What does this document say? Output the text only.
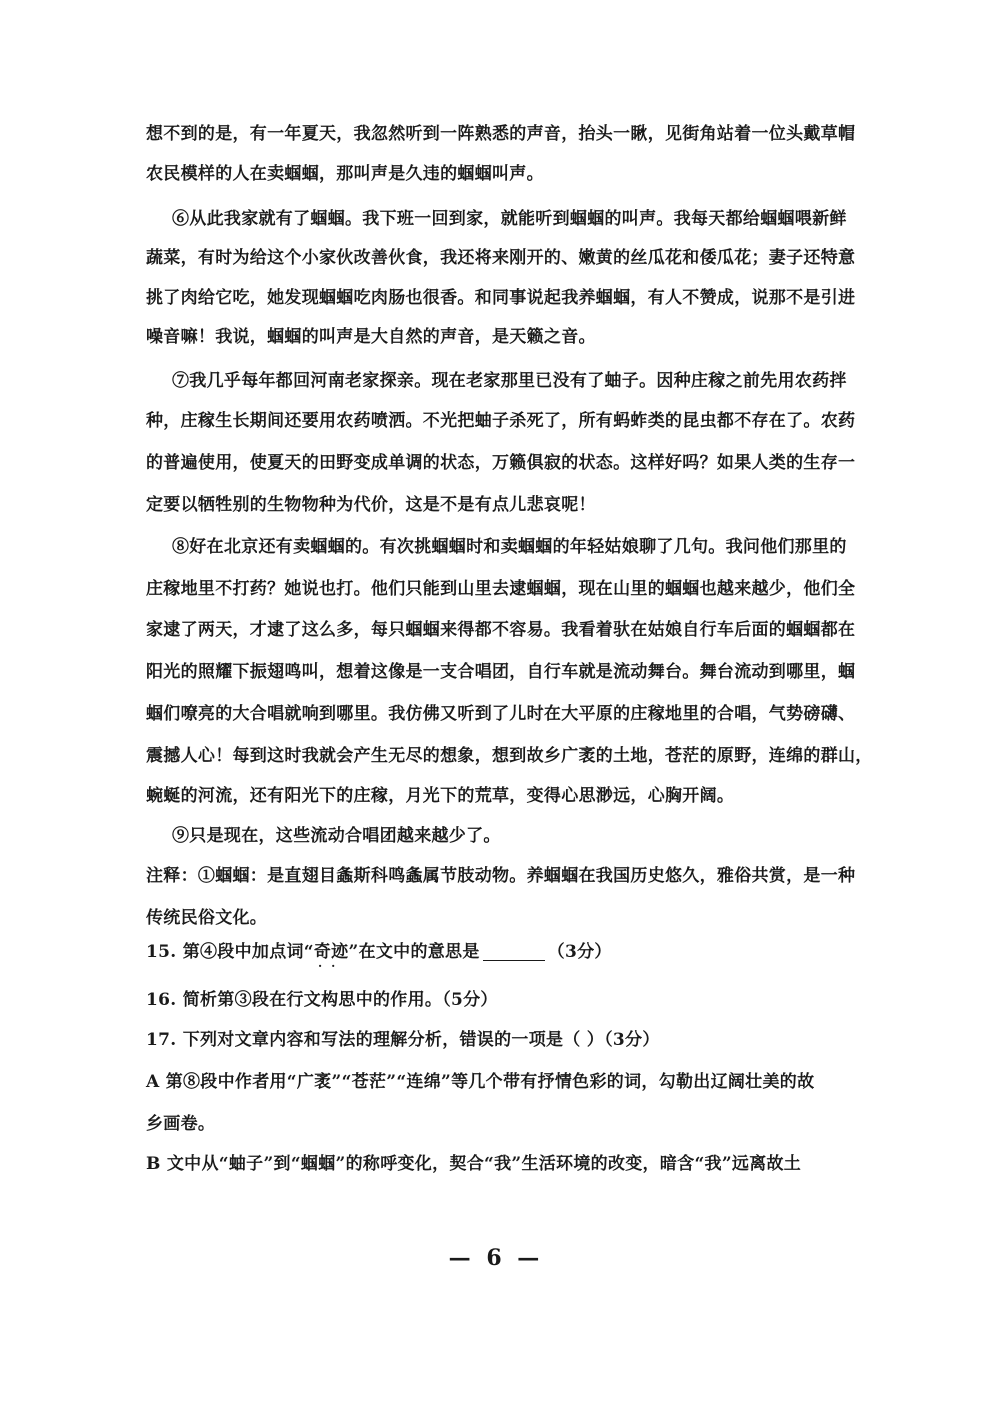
想不到的是，有一年夏天，我忽然听到一阵熟悉的声音，抬头一瞅，见街角站着一位头戴草帽
农民模样的人在卖蝈蝈，那叫声是久违的蝈蝈叫声。
⑥从此我家就有了蝈蝈。我下班一回到家，就能听到蝈蝈的叫声。我每天都给蝈蝈喂新鲜
蔬菜，有时为给这个小家伙改善伙食，我还将来刚开的、嫩黄的丝瓜花和倭瓜花；妻子还特意
挑了肉给它吃，她发现蝈蝈吃肉肠也很香。和同事说起我养蝈蝈，有人不赞成，说那不是引进
噪音嘛！我说，蝈蝈的叫声是大自然的声音，是天籁之音。
⑦我几乎每年都回河南老家探亲。现在老家那里已没有了蚰子。因种庄稼之前先用农药拌
种，庄稼生长期间还要用农药喷洒。不光把蚰子杀死了，所有蚂蚱类的昆虫都不存在了。农药
的普遍使用，使夏天的田野变成单调的状态，万籁俱寂的状态。这样好吗？如果人类的生存一
定要以牺牲别的生物物种为代价，这是不是有点儿悲哀呢！
⑧好在北京还有卖蝈蝈的。有次挑蝈蝈时和卖蝈蝈的年轻姑娘聊了几句。我问他们那里的
庄稼地里不打药？她说也打。他们只能到山里去逮蝈蝈，现在山里的蝈蝈也越来越少，他们全
家逮了两天，才逮了这么多，每只蝈蝈来得都不容易。我看着驮在姑娘自行车后面的蝈蝈都在
阳光的照耀下振翅鸣叫，想着这像是一支合唱团，自行车就是流动舞台。舞台流动到哪里，蝈
蝈们嘹亮的大合唱就响到哪里。我仿佛又听到了儿时在大平原的庄稼地里的合唱，气势磅礴、
震撼人心！每到这时我就会产生无尽的想象，想到故乡广袤的土地，苍茫的原野，连绵的群山，
蜿蜒的河流，还有阳光下的庄稼，月光下的荒草，变得心思渺远，心胸开阔。
⑨只是现在，这些流动合唱团越来越少了。
注释：①蝈蝈：是直翅目螽斯科鸣螽属节肢动物。养蝈蝈在我国历史悠久，雅俗共赏，是一种
传统民俗文化。
15. 第④段中加点词“奇迹
··
”在文中的意思是	（3分）
16. 简析第③段在行文构思中的作用。（5分）
17. 下列对文章内容和写法的理解分析，错误的一项是（ ）（3分）
A 第⑧段中作者用“广袤”“苍茫”“连绵”等几个带有抒情色彩的词，勾勒出辽阔壮美的故
乡画卷。
B 文中从“蚰子”到“蝈蝈”的称呼变化，契合“我”生活环境的改变，暗含“我”远离故土
— 6 —
